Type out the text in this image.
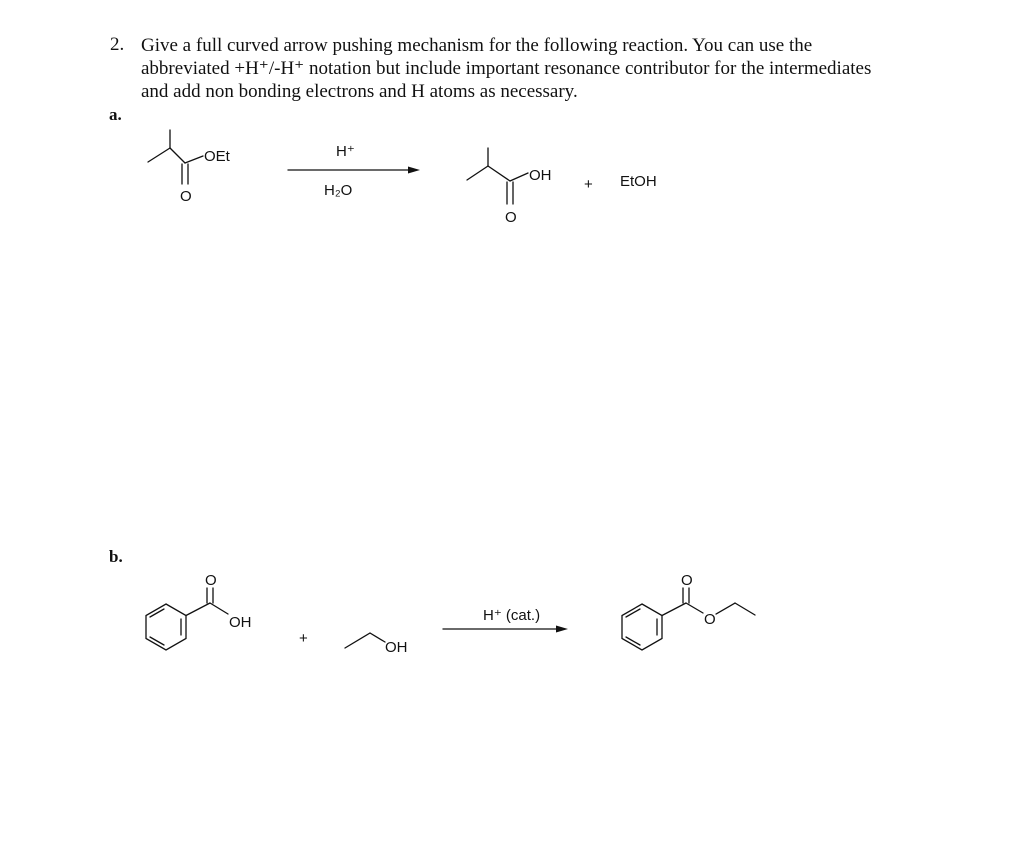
2. Give a full curved arrow pushing mechanism for the following reaction. You can use the
abbreviated +H⁺/-H⁺ notation but include important resonance contributor for the intermediates
and add non bonding electrons and H atoms as necessary.
a.
b.
OEt
O
H⁺
H₂O
OH
O
+ EtOH
O
OH
+
OH
H⁺ (cat.)
O
O
